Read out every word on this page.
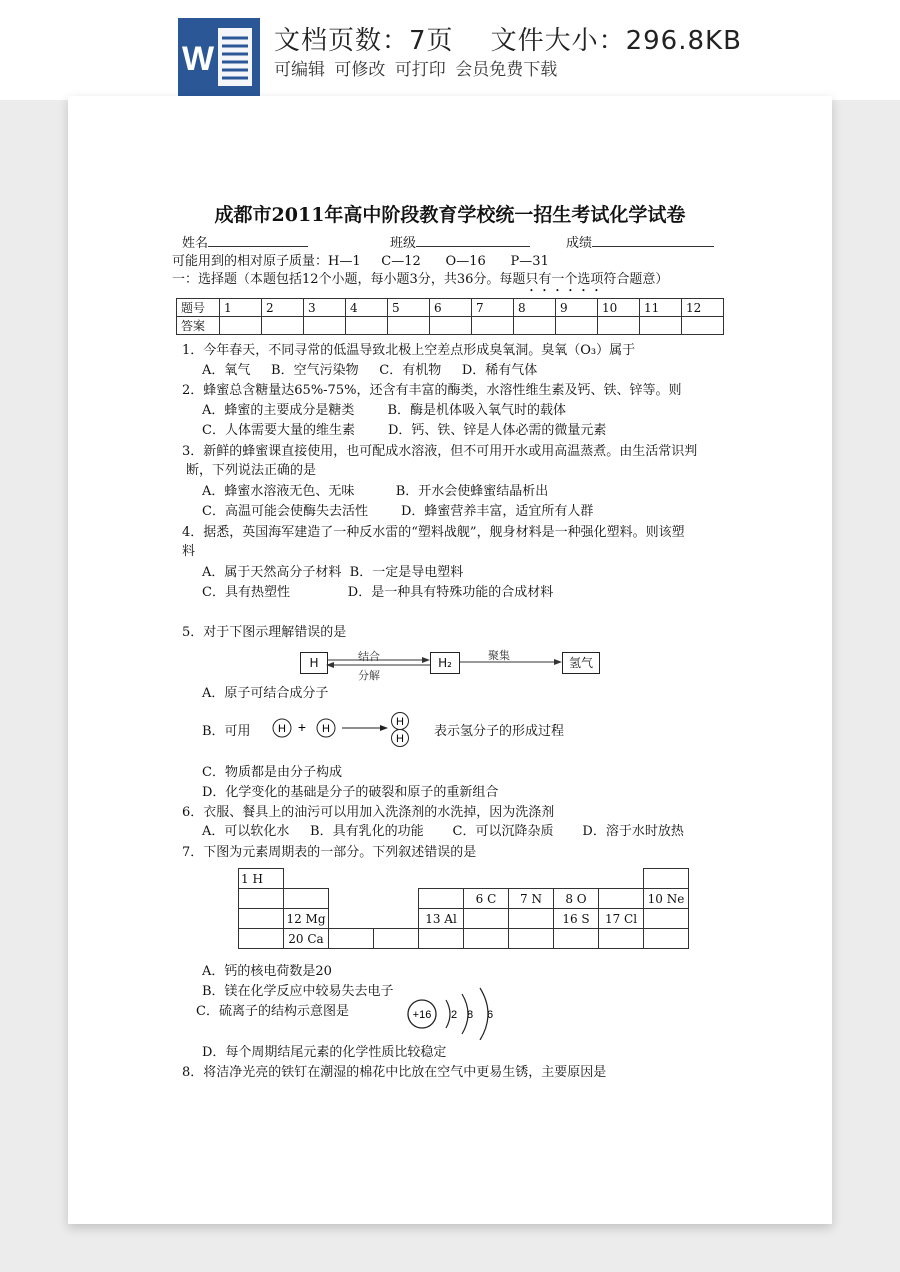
W 文档页数：7页    文件大小：296.8KB
可编辑 可修改 可打印 会员免费下载
成都市2011年高中阶段教育学校统一招生考试化学试卷
姓名	班级	成绩
可能用到的相对原子质量：H—1     C—12      O—16      P—31
一：选择题（本题包括12个小题，每小题3分，共36分。每题只有一个选项符合题意）
题号	1	2	3	4	5	6	7	8	9	10	11	12
答案												
1．今年春天，不同寻常的低温导致北极上空差点形成臭氧洞。臭氧（O₃）属于
A．氧气     B．空气污染物     C．有机物     D．稀有气体
2．蜂蜜总含糖量达65%-75%，还含有丰富的酶类，水溶性维生素及钙、铁、锌等。则
A．蜂蜜的主要成分是糖类        B．酶是机体吸入氧气时的载体
C．人体需要大量的维生素        D．钙、铁、锌是人体必需的微量元素
3．新鲜的蜂蜜课直接使用，也可配成水溶液，但不可用开水或用高温蒸煮。由生活常识判
断，下列说法正确的是
A．蜂蜜水溶液无色、无味          B．开水会使蜂蜜结晶析出
C．高温可能会使酶失去活性        D．蜂蜜营养丰富，适宜所有人群
4．据悉，英国海军建造了一种反水雷的“塑料战舰”，舰身材料是一种强化塑料。则该塑
料
A．属于天然高分子材料  B．一定是导电塑料
C．具有热塑性              D．是一种具有特殊功能的合成材料
5．对于下图示理解错误的是
H	H₂	氢气
结合
分解
聚集
A．原子可结合成分子
B．可用 H + H
H
H 表示氢分子的形成过程
C．物质都是由分子构成
D．化学变化的基础是分子的破裂和原子的重新组合
6．衣服、餐具上的油污可以用加入洗涤剂的水洗掉，因为洗涤剂
A．可以软化水     B．具有乳化的功能       C．可以沉降杂质       D．溶于水时放热
7．下图为元素周期表的一部分。下列叙述错误的是
1 H									
					6 C	7 N	8 O		10 Ne
	12 Mg			13 Al			16 S	17 Cl	
	20 Ca								
A．钙的核电荷数是20
B．镁在化学反应中较易失去电子
C．硫离子的结构示意图是	+16 2 8 6
D．每个周期结尾元素的化学性质比较稳定
8．将洁净光亮的铁钉在潮湿的棉花中比放在空气中更易生锈，主要原因是
